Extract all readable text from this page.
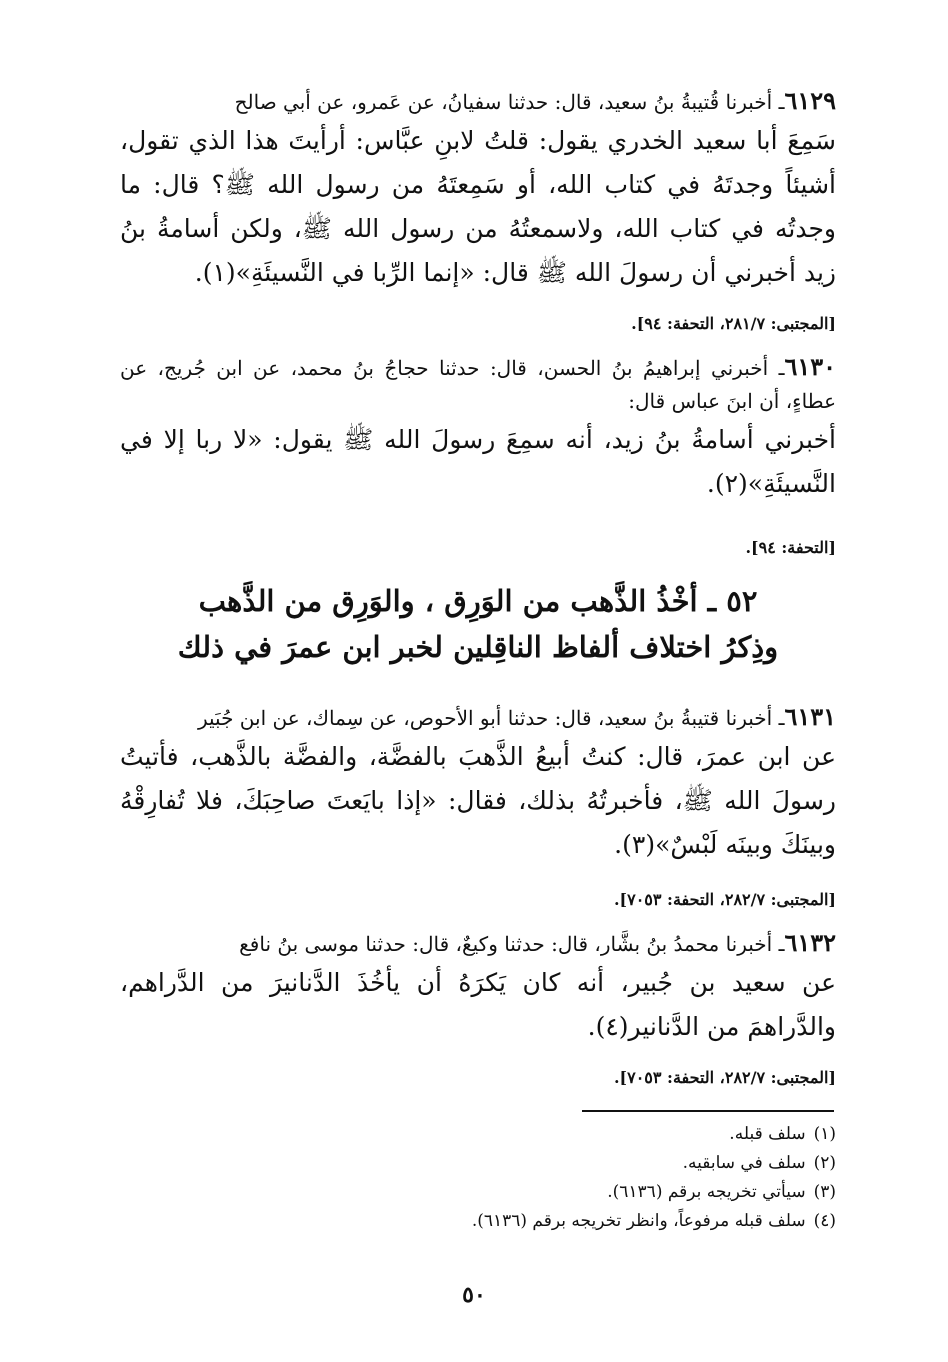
٦١٢٩ـ أخبرنا قُتيبةُ بنُ سعيد، قال: حدثنا سفيانُ، عن عَمرو، عن أبي صالح
سَمِعَ أبا سعيد الخدري يقول: قلتُ لابنِ عبَّاس: أرأيتَ هذا الذي تقول، أشيئاً وجدتَهُ في كتاب الله، أو سَمِعتَهُ من رسول الله ﷺ؟ قال: ما وجدتُه في كتاب الله، ولاسمعتُهُ من رسول الله ﷺ، ولكن أسامةُ بنُ زيد أخبرني أن رسولَ الله ﷺ قال: «إنما الرِّبا في النَّسيئَةِ»(١).
[المجتبى: ٢٨١/٧، التحفة: ٩٤].
٦١٣٠ـ أخبرني إبراهيمُ بنُ الحسن، قال: حدثنا حجاجُ بنُ محمد، عن ابن جُريج، عن عطاءٍ، أن ابنَ عباس قال:
أخبرني أسامةُ بنُ زيد، أنه سمِعَ رسولَ الله ﷺ يقول: «لا ربا إلا في النَّسيئَةِ»(٢).
[التحفة: ٩٤].
٥٢ ـ أخْذُ الذَّهب من الوَرِق ، والوَرِق من الذَّهب
وذِكرُ اختلاف ألفاظ الناقِلين لخبر ابن عمرَ في ذلك
٦١٣١ـ أخبرنا قتيبةُ بنُ سعيد، قال: حدثنا أبو الأحوص، عن سِماك، عن ابن جُبَير
عن ابن عمرَ، قال: كنتُ أبيعُ الذَّهبَ بالفضَّة، والفضَّة بالذَّهب، فأتيتُ رسولَ الله ﷺ، فأخبرتُهُ بذلك، فقال: «إذا بايَعتَ صاحِبَكَ، فلا تُفارِقْهُ وبينَكَ وبينَه لَبْسٌ»(٣).
[المجتبى: ٢٨٢/٧، التحفة: ٧٠٥٣].
٦١٣٢ـ أخبرنا محمدُ بنُ بشَّار، قال: حدثنا وكيعٌ، قال: حدثنا موسى بنُ نافع
عن سعيد بن جُبير، أنه كان يَكرَهُ أن يأخُذَ الدَّنانيرَ من الدَّراهم، والدَّراهمَ من الدَّنانير(٤).
[المجتبى: ٢٨٢/٧، التحفة: ٧٠٥٣].
(١)سلف قبله.
(٢)سلف في سابقيه.
(٣)سيأتي تخريجه برقم (٦١٣٦).
(٤)سلف قبله مرفوعاً، وانظر تخريجه برقم (٦١٣٦).
٥٠
